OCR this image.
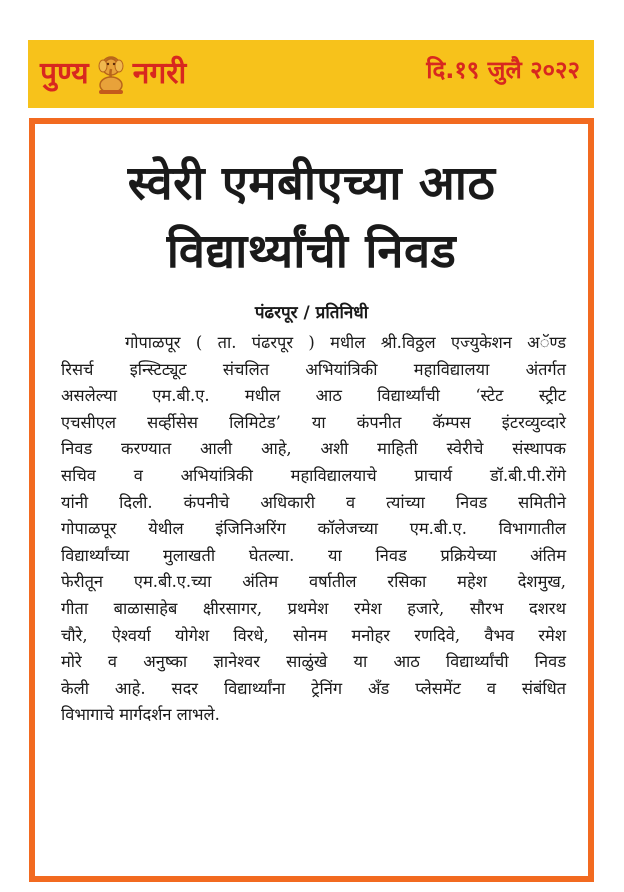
पुण्य नगरी	दि.१९ जुलै २०२२
स्वेरी एमबीएच्या आठ
विद्यार्थ्यांची निवड
पंढरपूर / प्रतिनिधी

गोपाळपूर ( ता. पंढरपूर ) मधील श्री.विठ्ठल एज्युकेशन अॅण्ड
रिसर्च इन्स्टिट्यूट संचलित अभियांत्रिकी महाविद्यालया अंतर्गत
असलेल्या एम.बी.ए. मधील आठ विद्यार्थ्यांची ‘स्टेट स्ट्रीट
एचसीएल सर्व्हीसेस लिमिटेड’ या कंपनीत कॅम्पस इंटरव्युव्दारे
निवड करण्यात आली आहे, अशी माहिती स्वेरीचे संस्थापक
सचिव व अभियांत्रिकी महाविद्यालयाचे प्राचार्य डॉ.बी.पी.रोंगे
यांनी दिली. कंपनीचे अधिकारी व त्यांच्या निवड समितीने
गोपाळपूर येथील इंजिनिअरिंग कॉलेजच्या एम.बी.ए. विभागातील
विद्यार्थ्यांच्या मुलाखती घेतल्या. या निवड प्रक्रियेच्या अंतिम
फेरीतून एम.बी.ए.च्या अंतिम वर्षातील रसिका महेश देशमुख,
गीता बाळासाहेब क्षीरसागर, प्रथमेश रमेश हजारे, सौरभ दशरथ
चौरे, ऐश्वर्या योगेश विरधे, सोनम मनोहर रणदिवे, वैभव रमेश
मोरे व अनुष्का ज्ञानेश्वर साळुंखे या आठ विद्यार्थ्यांची निवड
केली आहे. सदर विद्यार्थ्यांना ट्रेनिंग अँड प्लेसमेंट व संबंधित
विभागाचे मार्गदर्शन लाभले.
